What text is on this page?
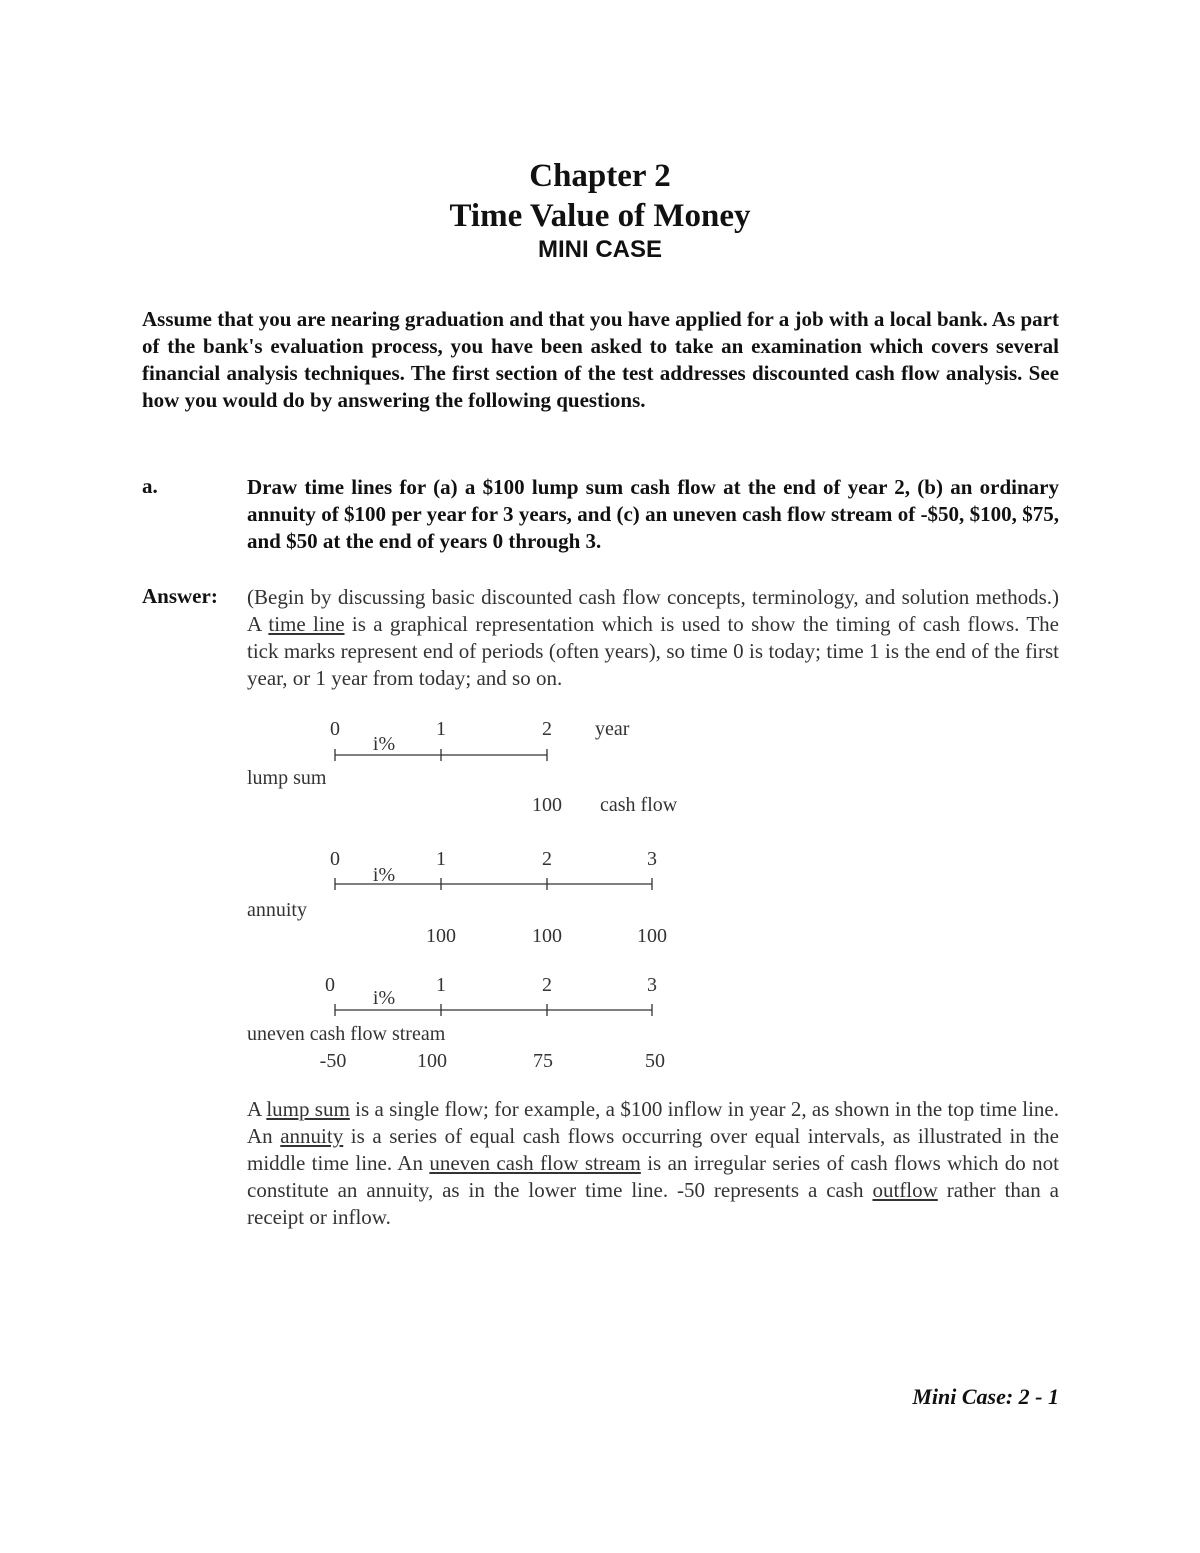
Chapter 2
Time Value of Money
MINI CASE
Assume that you are nearing graduation and that you have applied for a job with a local bank. As part of the bank's evaluation process, you have been asked to take an examination which covers several financial analysis techniques. The first section of the test addresses discounted cash flow analysis. See how you would do by answering the following questions.
a.	Draw time lines for (a) a $100 lump sum cash flow at the end of year 2, (b) an ordinary annuity of $100 per year for 3 years, and (c) an uneven cash flow stream of -$50, $100, $75, and $50 at the end of years 0 through 3.
Answer: (Begin by discussing basic discounted cash flow concepts, terminology, and solution methods.) A time line is a graphical representation which is used to show the timing of cash flows. The tick marks represent end of periods (often years), so time 0 is today; time 1 is the end of the first year, or 1 year from today; and so on.
0	1	2 year
i%
lump sum
100 cash flow
0	1	2	3
i%
annuity
100	100	100
0	1	2	3
i%
uneven cash flow stream
-50	100	75	50
A lump sum is a single flow; for example, a $100 inflow in year 2, as shown in the top time line. An annuity is a series of equal cash flows occurring over equal intervals, as illustrated in the middle time line. An uneven cash flow stream is an irregular series of cash flows which do not constitute an annuity, as in the lower time line. -50 represents a cash outflow rather than a receipt or inflow.
Mini Case: 2 - 1
